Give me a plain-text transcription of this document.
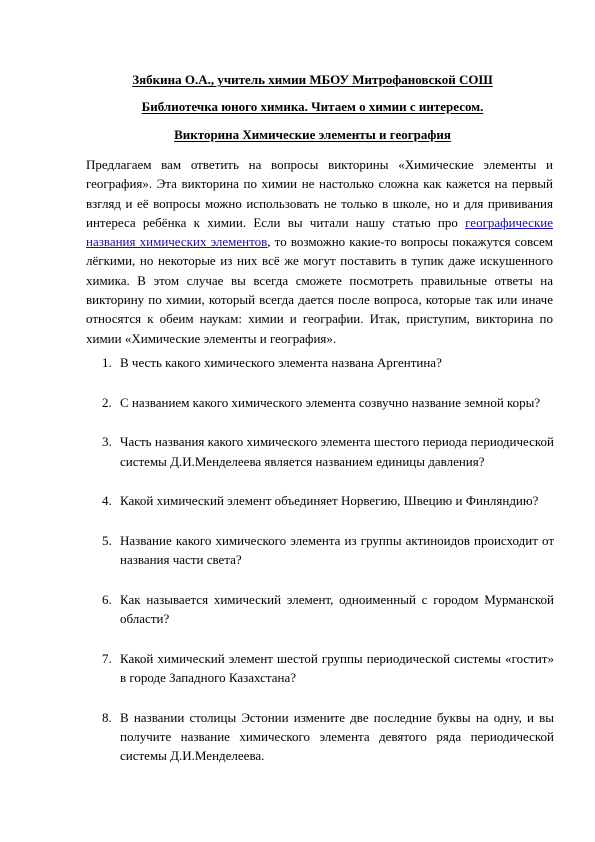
Зябкина О.А., учитель химии МБОУ Митрофановской СОШ
Библиотечка юного химика. Читаем о химии с интересом.
Викторина Химические элементы и география

Предлагаем вам ответить на вопросы викторины «Химические элементы и география». Эта викторина по химии не настолько сложна как кажется на первый взгляд и её вопросы можно использовать не только в школе, но и для прививания интереса ребёнка к химии. Если вы читали нашу статью про географические названия химических элементов, то возможно какие-то вопросы покажутся совсем лёгкими, но некоторые из них всё же могут поставить в тупик даже искушенного химика. В этом случае вы всегда сможете посмотреть правильные ответы на викторину по химии, который всегда дается после вопроса, которые так или иначе относятся к обеим наукам: химии и географии. Итак, приступим, викторина по химии «Химические элементы и география».

1. В честь какого химического элемента названа Аргентина?
2. С названием какого химического элемента созвучно название земной коры?
3. Часть названия какого химического элемента шестого периода периодической системы Д.И.Менделеева является названием единицы давления?
4. Какой химический элемент объединяет Норвегию, Швецию и Финляндию?
5. Название какого химического элемента из группы актиноидов происходит от названия части света?
6. Как называется химический элемент, одноименный с городом Мурманской области?
7. Какой химический элемент шестой группы периодической системы «гостит» в городе Западного Казахстана?
8. В названии столицы Эстонии измените две последние буквы на одну, и вы получите название химического элемента девятого ряда периодической системы Д.И.Менделеева.
